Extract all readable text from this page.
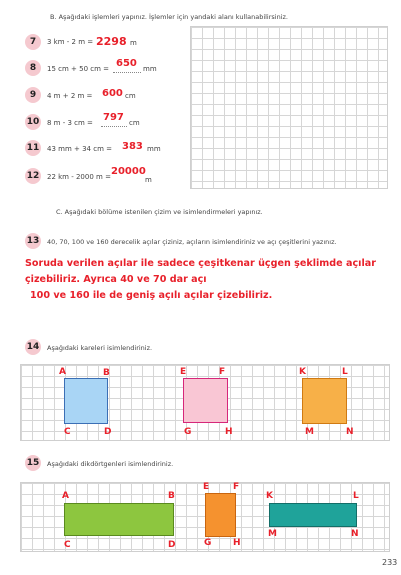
B. Aşağıdaki işlemleri yapınız. İşlemler için yandaki alanı kullanabilirsiniz.
7	3 km - 2 m = 2298 m
8	15 cm + 50 cm = 650 mm
9	4 m + 2 m = 600 cm
10 8 m - 3 cm = 797 cm
11 43 mm + 34 cm = 383 mm
12 22 km - 2000 m = 20000
m
C. Aşağıdaki bölüme istenilen çizim ve isimlendirmeleri yapınız.
13 40, 70, 100 ve 160 derecelik açılar çiziniz, açıların isimlendiriniz ve açı çeşitlerini yazınız.
Soruda verilen açılar ile sadece çeşitkenar üçgen şeklimde açılar
çizebiliriz. Ayrıca 40 ve 70 dar açı
100 ve 160 ile de geniş açılı açılar çizebiliriz.
14 Aşağıdaki kareleri isimlendiriniz.
A	B
C	D
E	F
G	H
K	L
M	N
15 Aşağıdaki dikdörtgenleri isimlendiriniz.
A	B
C	D
E	F
G H
K	L
M	N
233
